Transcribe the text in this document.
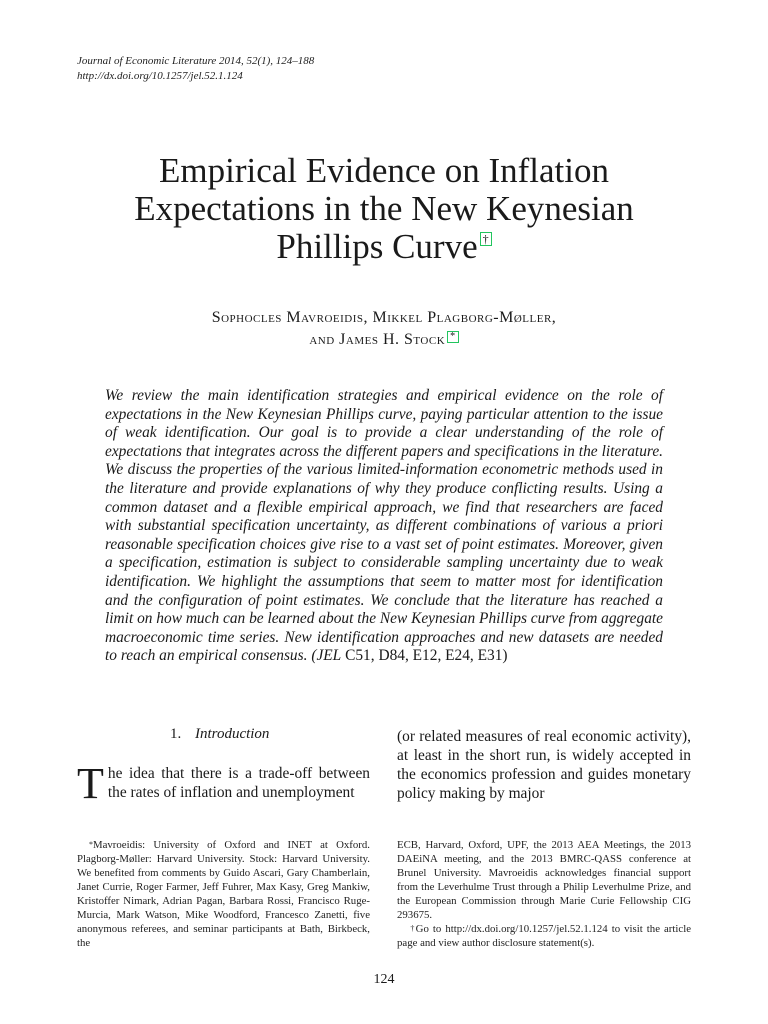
Journal of Economic Literature 2014, 52(1), 124–188
http://dx.doi.org/10.1257/jel.52.1.124
Empirical Evidence on Inflation
Expectations in the New Keynesian
Phillips Curve †
Sophocles Mavroeidis, Mikkel Plagborg-Møller,
and James H. Stock *
We review the main identification strategies and empirical evidence on the role of expectations in the New Keynesian Phillips curve, paying particular attention to the issue of weak identification. Our goal is to provide a clear understanding of the role of expectations that integrates across the different papers and specifications in the literature. We discuss the properties of the various limited-information econometric methods used in the literature and provide explanations of why they produce conflicting results. Using a common dataset and a flexible empirical approach, we find that researchers are faced with substantial specification uncertainty, as different combinations of various a priori reasonable specification choices give rise to a vast set of point estimates. Moreover, given a specification, estimation is subject to considerable sampling uncertainty due to weak identification. We highlight the assumptions that seem to matter most for identification and the configuration of point estimates. We conclude that the literature has reached a limit on how much can be learned about the New Keynesian Phillips curve from aggregate macroeconomic time series. New identification approaches and new datasets are needed to reach an empirical consensus. (JEL C51, D84, E12, E24, E31)
1. Introduction
T he idea that there is a trade-off between the rates of inflation and unemployment
(or related measures of real economic activity), at least in the short run, is widely accepted in the economics profession and guides monetary policy making by major
*Mavroeidis: University of Oxford and INET at Oxford. Plagborg-Møller: Harvard University. Stock: Harvard University. We benefited from comments by Guido Ascari, Gary Chamberlain, Janet Currie, Roger Farmer, Jeff Fuhrer, Max Kasy, Greg Mankiw, Kristoffer Nimark, Adrian Pagan, Barbara Rossi, Francisco Ruge-Murcia, Mark Watson, Mike Woodford, Francesco Zanetti, five anonymous referees, and seminar participants at Bath, Birkbeck, the
ECB, Harvard, Oxford, UPF, the 2013 AEA Meetings, the 2013 DAEiNA meeting, and the 2013 BMRC-QASS conference at Brunel University. Mavroeidis acknowledges financial support from the Leverhulme Trust through a Philip Leverhulme Prize, and the European Commission through Marie Curie Fellowship CIG 293675.
†Go to http://dx.doi.org/10.1257/jel.52.1.124 to visit the article page and view author disclosure statement(s).
124
